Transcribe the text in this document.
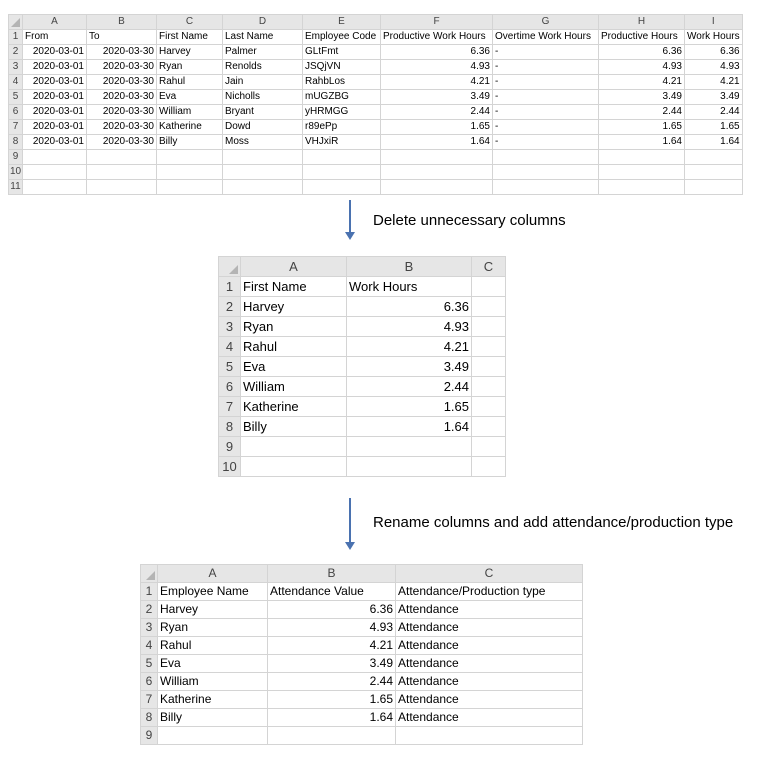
	A	B	C	D	E	F	G	H	I
1	From	To	First Name	Last Name	Employee Code	Productive Work Hours	Overtime Work Hours	Productive Hours	Work Hours
2	2020-03-01	2020-03-30	Harvey	Palmer	GLtFmt	6.36	-	6.36	6.36
3	2020-03-01	2020-03-30	Ryan	Renolds	JSQjVN	4.93	-	4.93	4.93
4	2020-03-01	2020-03-30	Rahul	Jain	RahbLos	4.21	-	4.21	4.21
5	2020-03-01	2020-03-30	Eva	Nicholls	mUGZBG	3.49	-	3.49	3.49
6	2020-03-01	2020-03-30	William	Bryant	yHRMGG	2.44	-	2.44	2.44
7	2020-03-01	2020-03-30	Katherine	Dowd	r89ePp	1.65	-	1.65	1.65
8	2020-03-01	2020-03-30	Billy	Moss	VHJxiR	1.64	-	1.64	1.64
9									
10									
11									
Delete unnecessary columns
	A	B	C
1	First Name	Work Hours	
2	Harvey	6.36	
3	Ryan	4.93	
4	Rahul	4.21	
5	Eva	3.49	
6	William	2.44	
7	Katherine	1.65	
8	Billy	1.64	
9			
10			
Rename columns and add attendance/production type
	A	B	C
1	Employee Name	Attendance Value	Attendance/Production type
2	Harvey	6.36	Attendance
3	Ryan	4.93	Attendance
4	Rahul	4.21	Attendance
5	Eva	3.49	Attendance
6	William	2.44	Attendance
7	Katherine	1.65	Attendance
8	Billy	1.64	Attendance
9			
